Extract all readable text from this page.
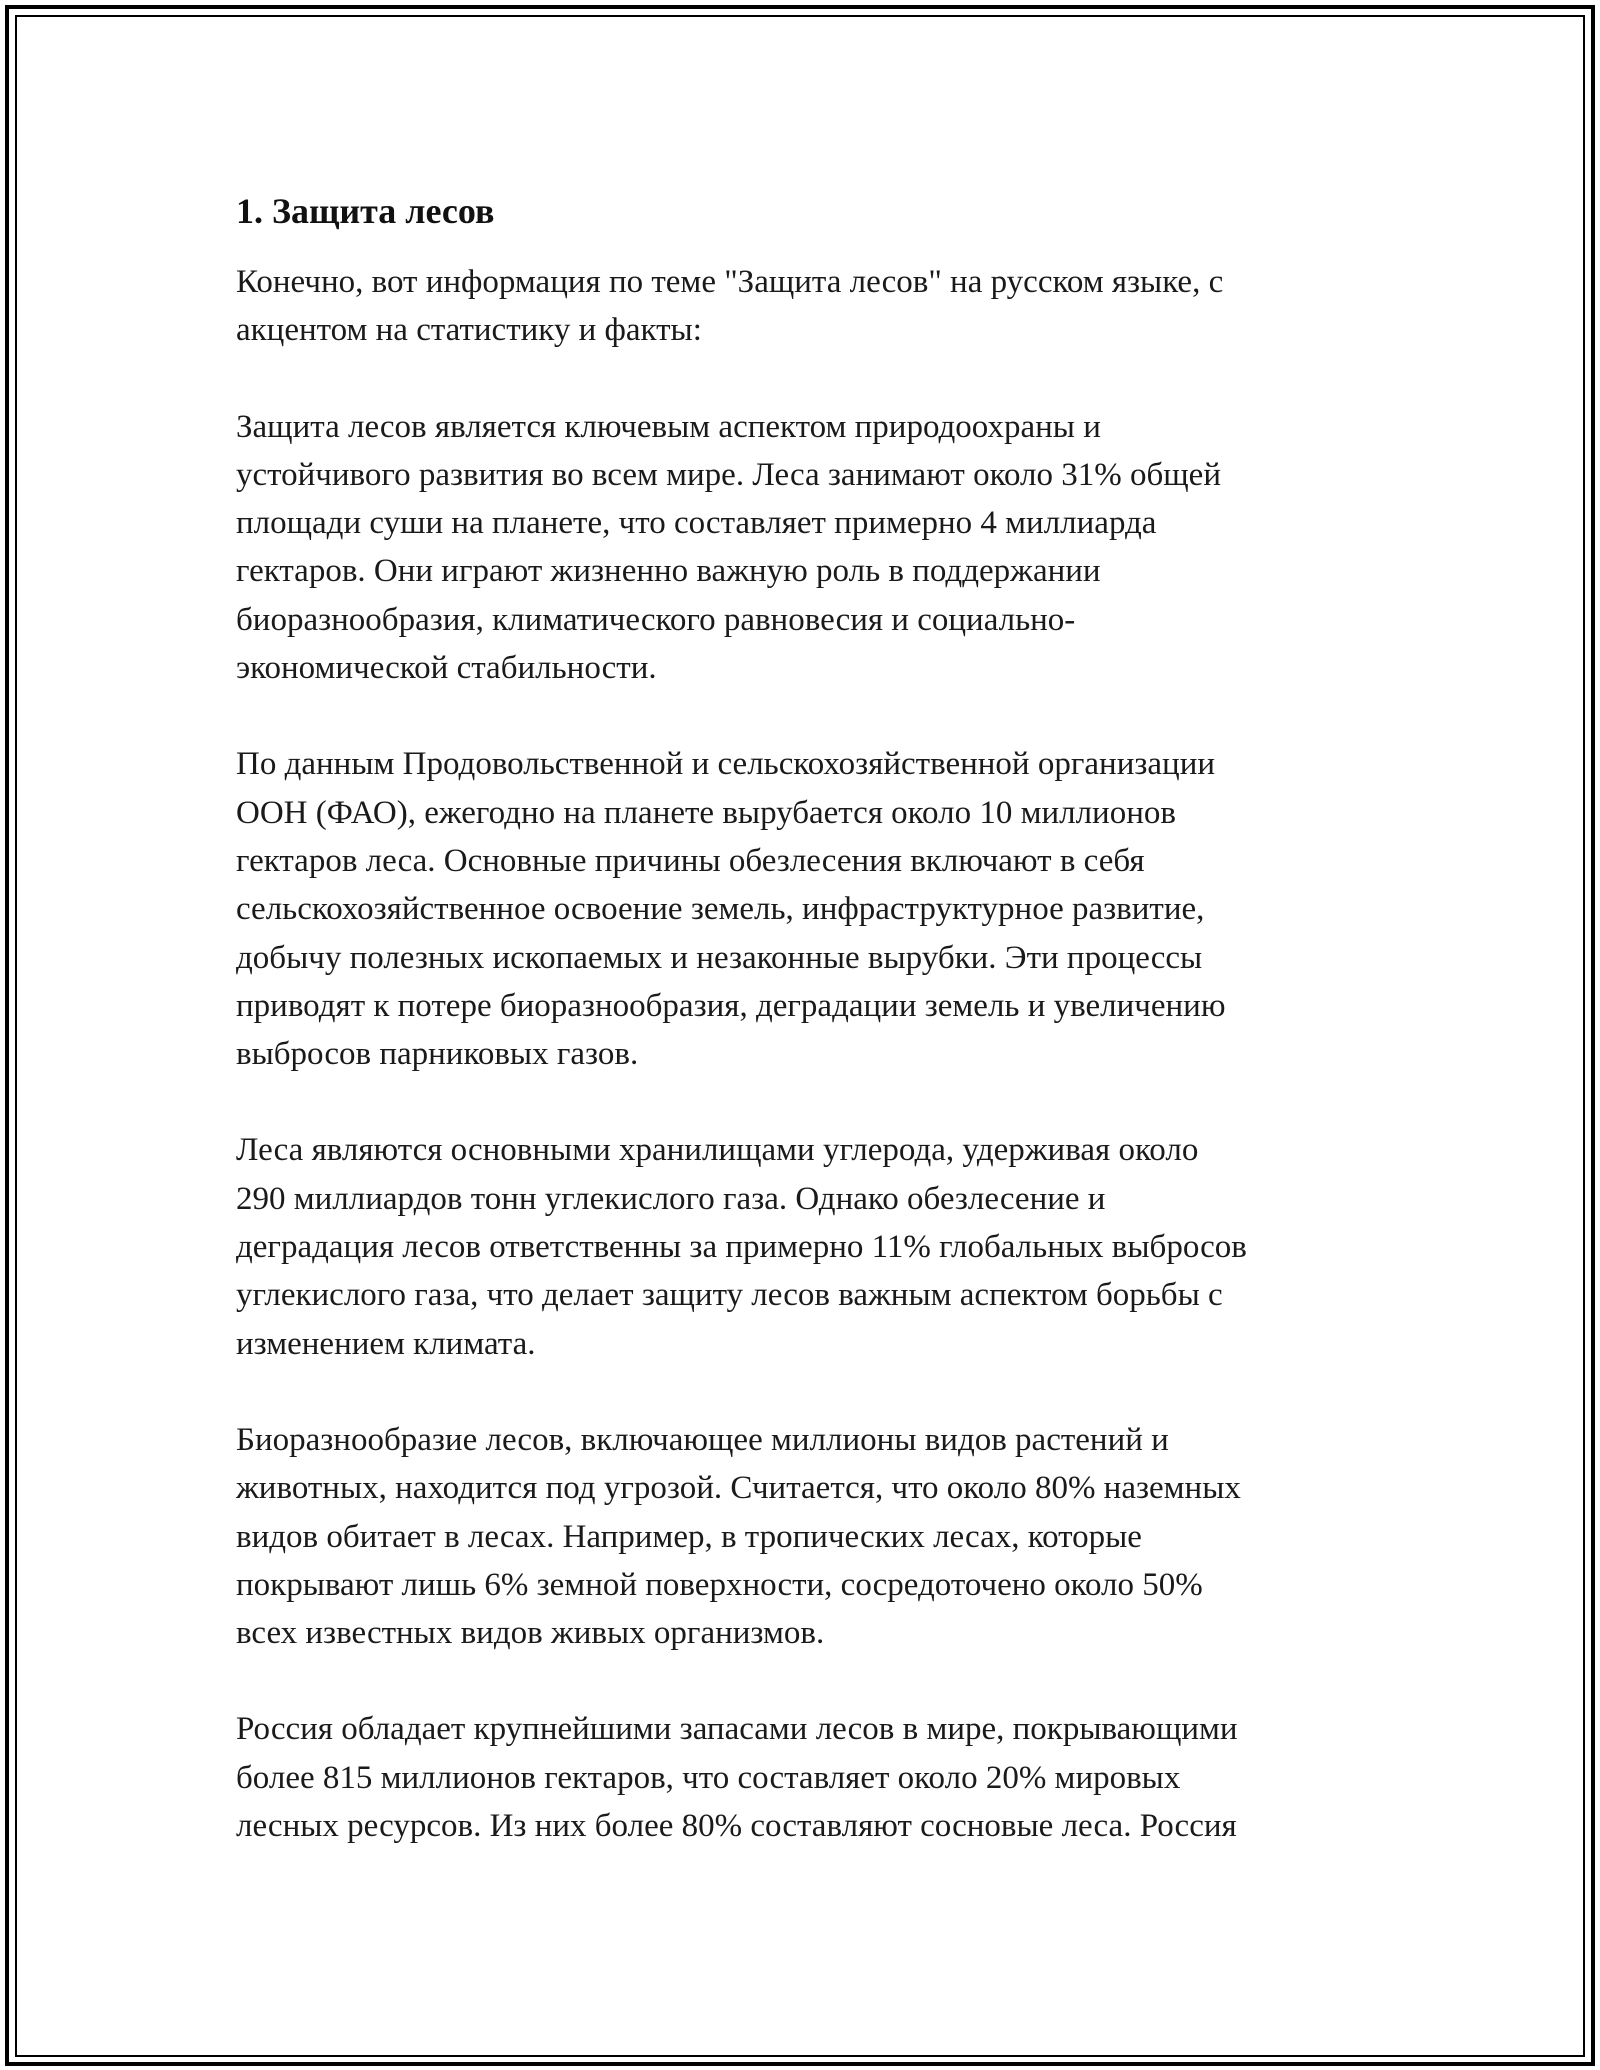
1. Защита лесов

Конечно, вот информация по теме "Защита лесов" на русском языке, с
акцентом на статистику и факты:

Защита лесов является ключевым аспектом природоохраны и
устойчивого развития во всем мире. Леса занимают около 31% общей
площади суши на планете, что составляет примерно 4 миллиарда
гектаров. Они играют жизненно важную роль в поддержании
биоразнообразия, климатического равновесия и социально-
экономической стабильности.

По данным Продовольственной и сельскохозяйственной организации
ООН (ФАО), ежегодно на планете вырубается около 10 миллионов
гектаров леса. Основные причины обезлесения включают в себя
сельскохозяйственное освоение земель, инфраструктурное развитие,
добычу полезных ископаемых и незаконные вырубки. Эти процессы
приводят к потере биоразнообразия, деградации земель и увеличению
выбросов парниковых газов.

Леса являются основными хранилищами углерода, удерживая около
290 миллиардов тонн углекислого газа. Однако обезлесение и
деградация лесов ответственны за примерно 11% глобальных выбросов
углекислого газа, что делает защиту лесов важным аспектом борьбы с
изменением климата.

Биоразнообразие лесов, включающее миллионы видов растений и
животных, находится под угрозой. Считается, что около 80% наземных
видов обитает в лесах. Например, в тропических лесах, которые
покрывают лишь 6% земной поверхности, сосредоточено около 50%
всех известных видов живых организмов.

Россия обладает крупнейшими запасами лесов в мире, покрывающими
более 815 миллионов гектаров, что составляет около 20% мировых
лесных ресурсов. Из них более 80% составляют сосновые леса. Россия
